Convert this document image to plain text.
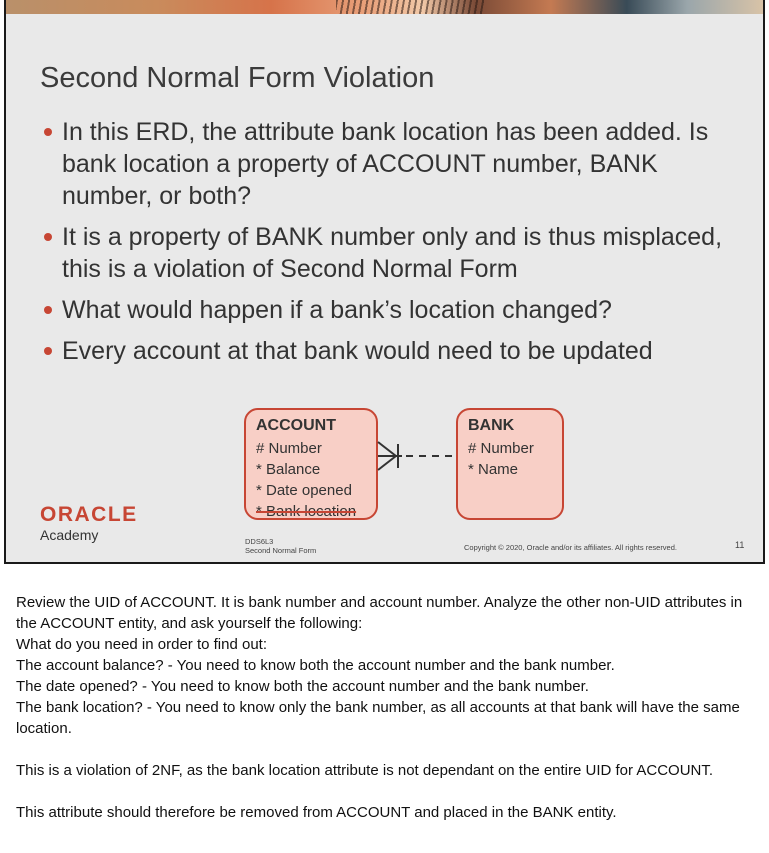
Second Normal Form Violation
In this ERD, the attribute bank location has been added. Is bank location a property of ACCOUNT number, BANK number, or both?
It is a property of BANK number only and is thus misplaced, this is a violation of Second Normal Form
What would happen if a bank’s location changed?
Every account at that bank would need to be updated
ACCOUNT
# Number
* Balance
* Date opened
* Bank location
BANK
# Number
* Name
ORACLE
Academy	DDS6L3
Second Normal Form	Copyright © 2020, Oracle and/or its affiliates. All rights reserved.	11

Review the UID of ACCOUNT. It is bank number and account number. Analyze the other non-UID attributes in the ACCOUNT entity, and ask yourself the following:

What do you need in order to find out:

The account balance? - You need to know both the account number and the bank number.

The date opened? - You need to know both the account number and the bank number.

The bank location? - You need to know only the bank number, as all accounts at that bank will have the same location.

This is a violation of 2NF, as the bank location attribute is not dependant on the entire UID for ACCOUNT.

This attribute should therefore be removed from ACCOUNT and placed in the BANK entity.
